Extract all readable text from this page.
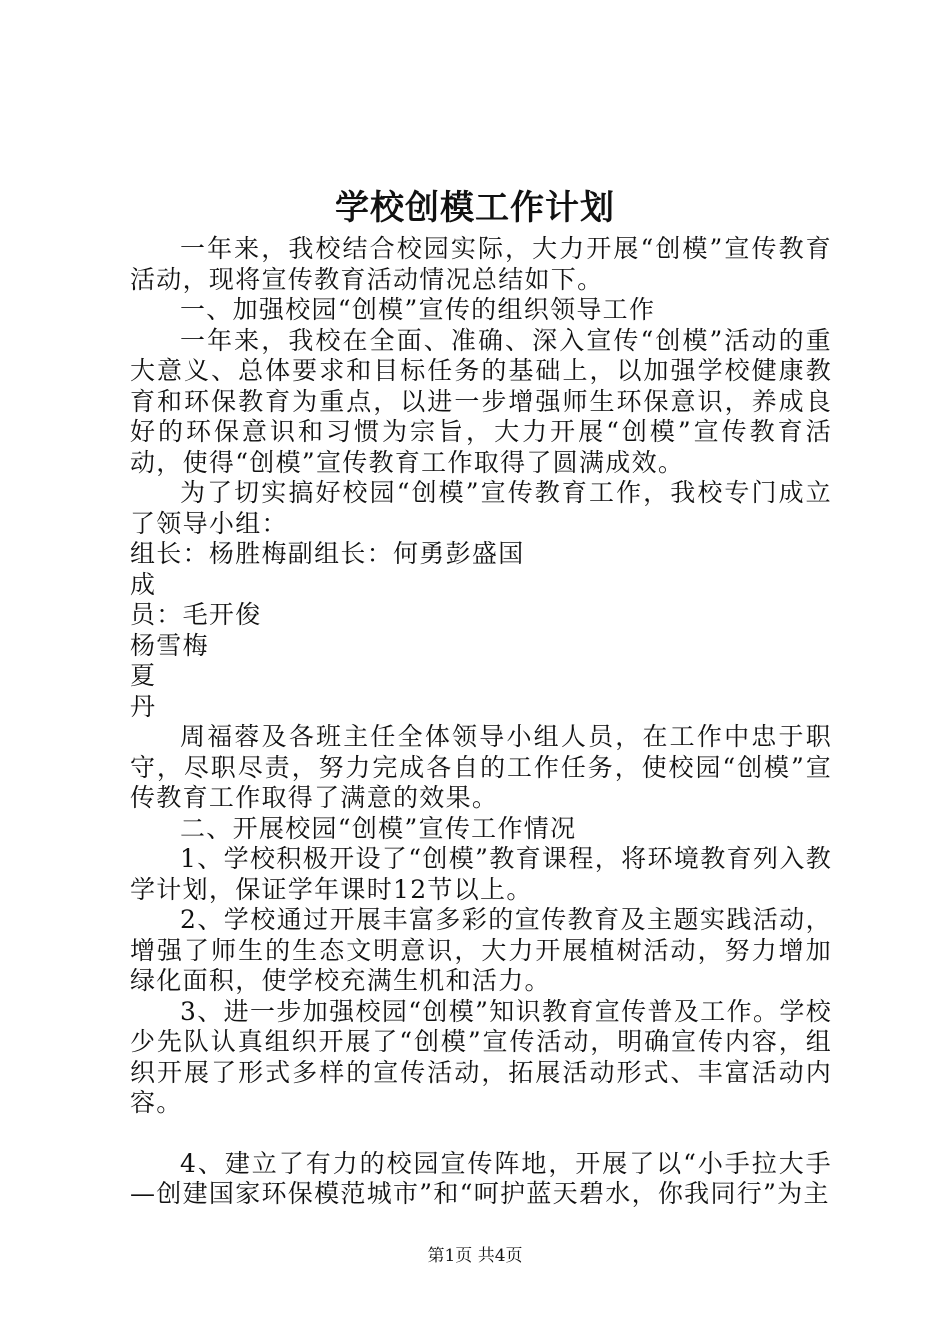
学校创模工作计划

一年来，我校结合校园实际，大力开展“创模”宣传教育活动，现将宣传教育活动情况总结如下。

一、加强校园“创模”宣传的组织领导工作

一年来，我校在全面、准确、深入宣传“创模”活动的重大意义、总体要求和目标任务的基础上，以加强学校健康教育和环保教育为重点，以进一步增强师生环保意识，养成良好的环保意识和习惯为宗旨，大力开展“创模”宣传教育活动，使得“创模”宣传教育工作取得了圆满成效。

为了切实搞好校园“创模”宣传教育工作，我校专门成立了领导小组：

组长：杨胜梅副组长：何勇彭盛国

成

员：毛开俊

杨雪梅

夏

丹

周福蓉及各班主任全体领导小组人员，在工作中忠于职守，尽职尽责，努力完成各自的工作任务，使校园“创模”宣传教育工作取得了满意的效果。

二、开展校园“创模”宣传工作情况

1、学校积极开设了“创模”教育课程，将环境教育列入教学计划，保证学年课时12节以上。

2、学校通过开展丰富多彩的宣传教育及主题实践活动，增强了师生的生态文明意识，大力开展植树活动，努力增加绿化面积，使学校充满生机和活力。

3、进一步加强校园“创模”知识教育宣传普及工作。学校少先队认真组织开展了“创模”宣传活动，明确宣传内容，组织开展了形式多样的宣传活动，拓展活动形式、丰富活动内容。

4、建立了有力的校园宣传阵地，开展了以“小手拉大手—创建国家环保模范城市”和“呵护蓝天碧水，你我同行”为主

第1页 共4页
